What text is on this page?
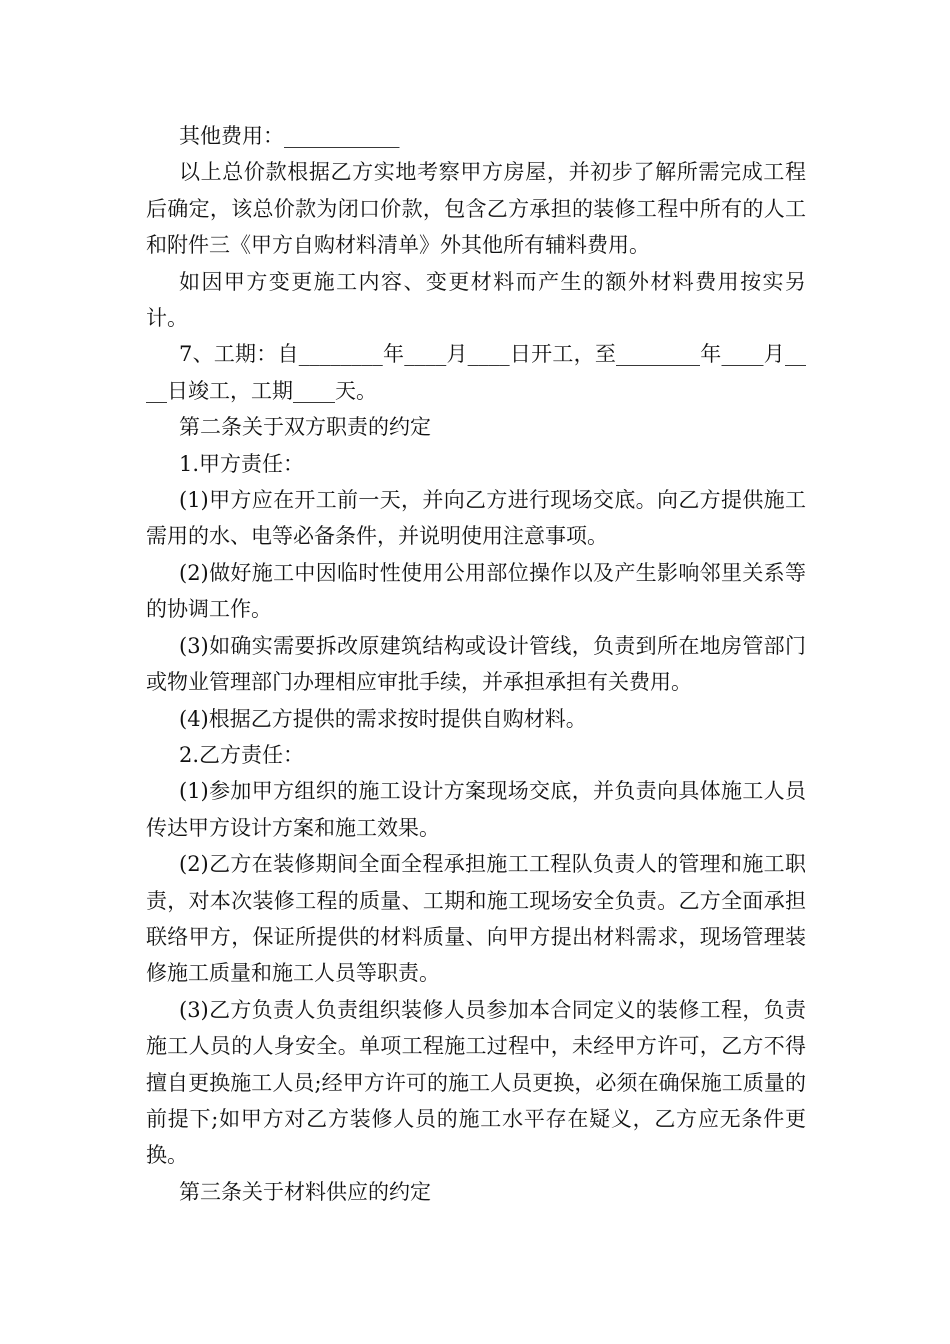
其他费用：___________

以上总价款根据乙方实地考察甲方房屋，并初步了解所需完成工程后确定，该总价款为闭口价款，包含乙方承担的装修工程中所有的人工和附件三《甲方自购材料清单》外其他所有辅料费用。

如因甲方变更施工内容、变更材料而产生的额外材料费用按实另计。

7、工期：自________年____月____日开工，至________年____月____日竣工，工期____天。

第二条关于双方职责的约定

1.甲方责任：

(1)甲方应在开工前一天，并向乙方进行现场交底。向乙方提供施工需用的水、电等必备条件，并说明使用注意事项。

(2)做好施工中因临时性使用公用部位操作以及产生影响邻里关系等的协调工作。

(3)如确实需要拆改原建筑结构或设计管线，负责到所在地房管部门或物业管理部门办理相应审批手续，并承担承担有关费用。

(4)根据乙方提供的需求按时提供自购材料。

2.乙方责任：

(1)参加甲方组织的施工设计方案现场交底，并负责向具体施工人员传达甲方设计方案和施工效果。

(2)乙方在装修期间全面全程承担施工工程队负责人的管理和施工职责，对本次装修工程的质量、工期和施工现场安全负责。乙方全面承担联络甲方，保证所提供的材料质量、向甲方提出材料需求，现场管理装修施工质量和施工人员等职责。

(3)乙方负责人负责组织装修人员参加本合同定义的装修工程，负责施工人员的人身安全。单项工程施工过程中，未经甲方许可，乙方不得擅自更换施工人员;经甲方许可的施工人员更换，必须在确保施工质量的前提下;如甲方对乙方装修人员的施工水平存在疑义，乙方应无条件更换。

第三条关于材料供应的约定
